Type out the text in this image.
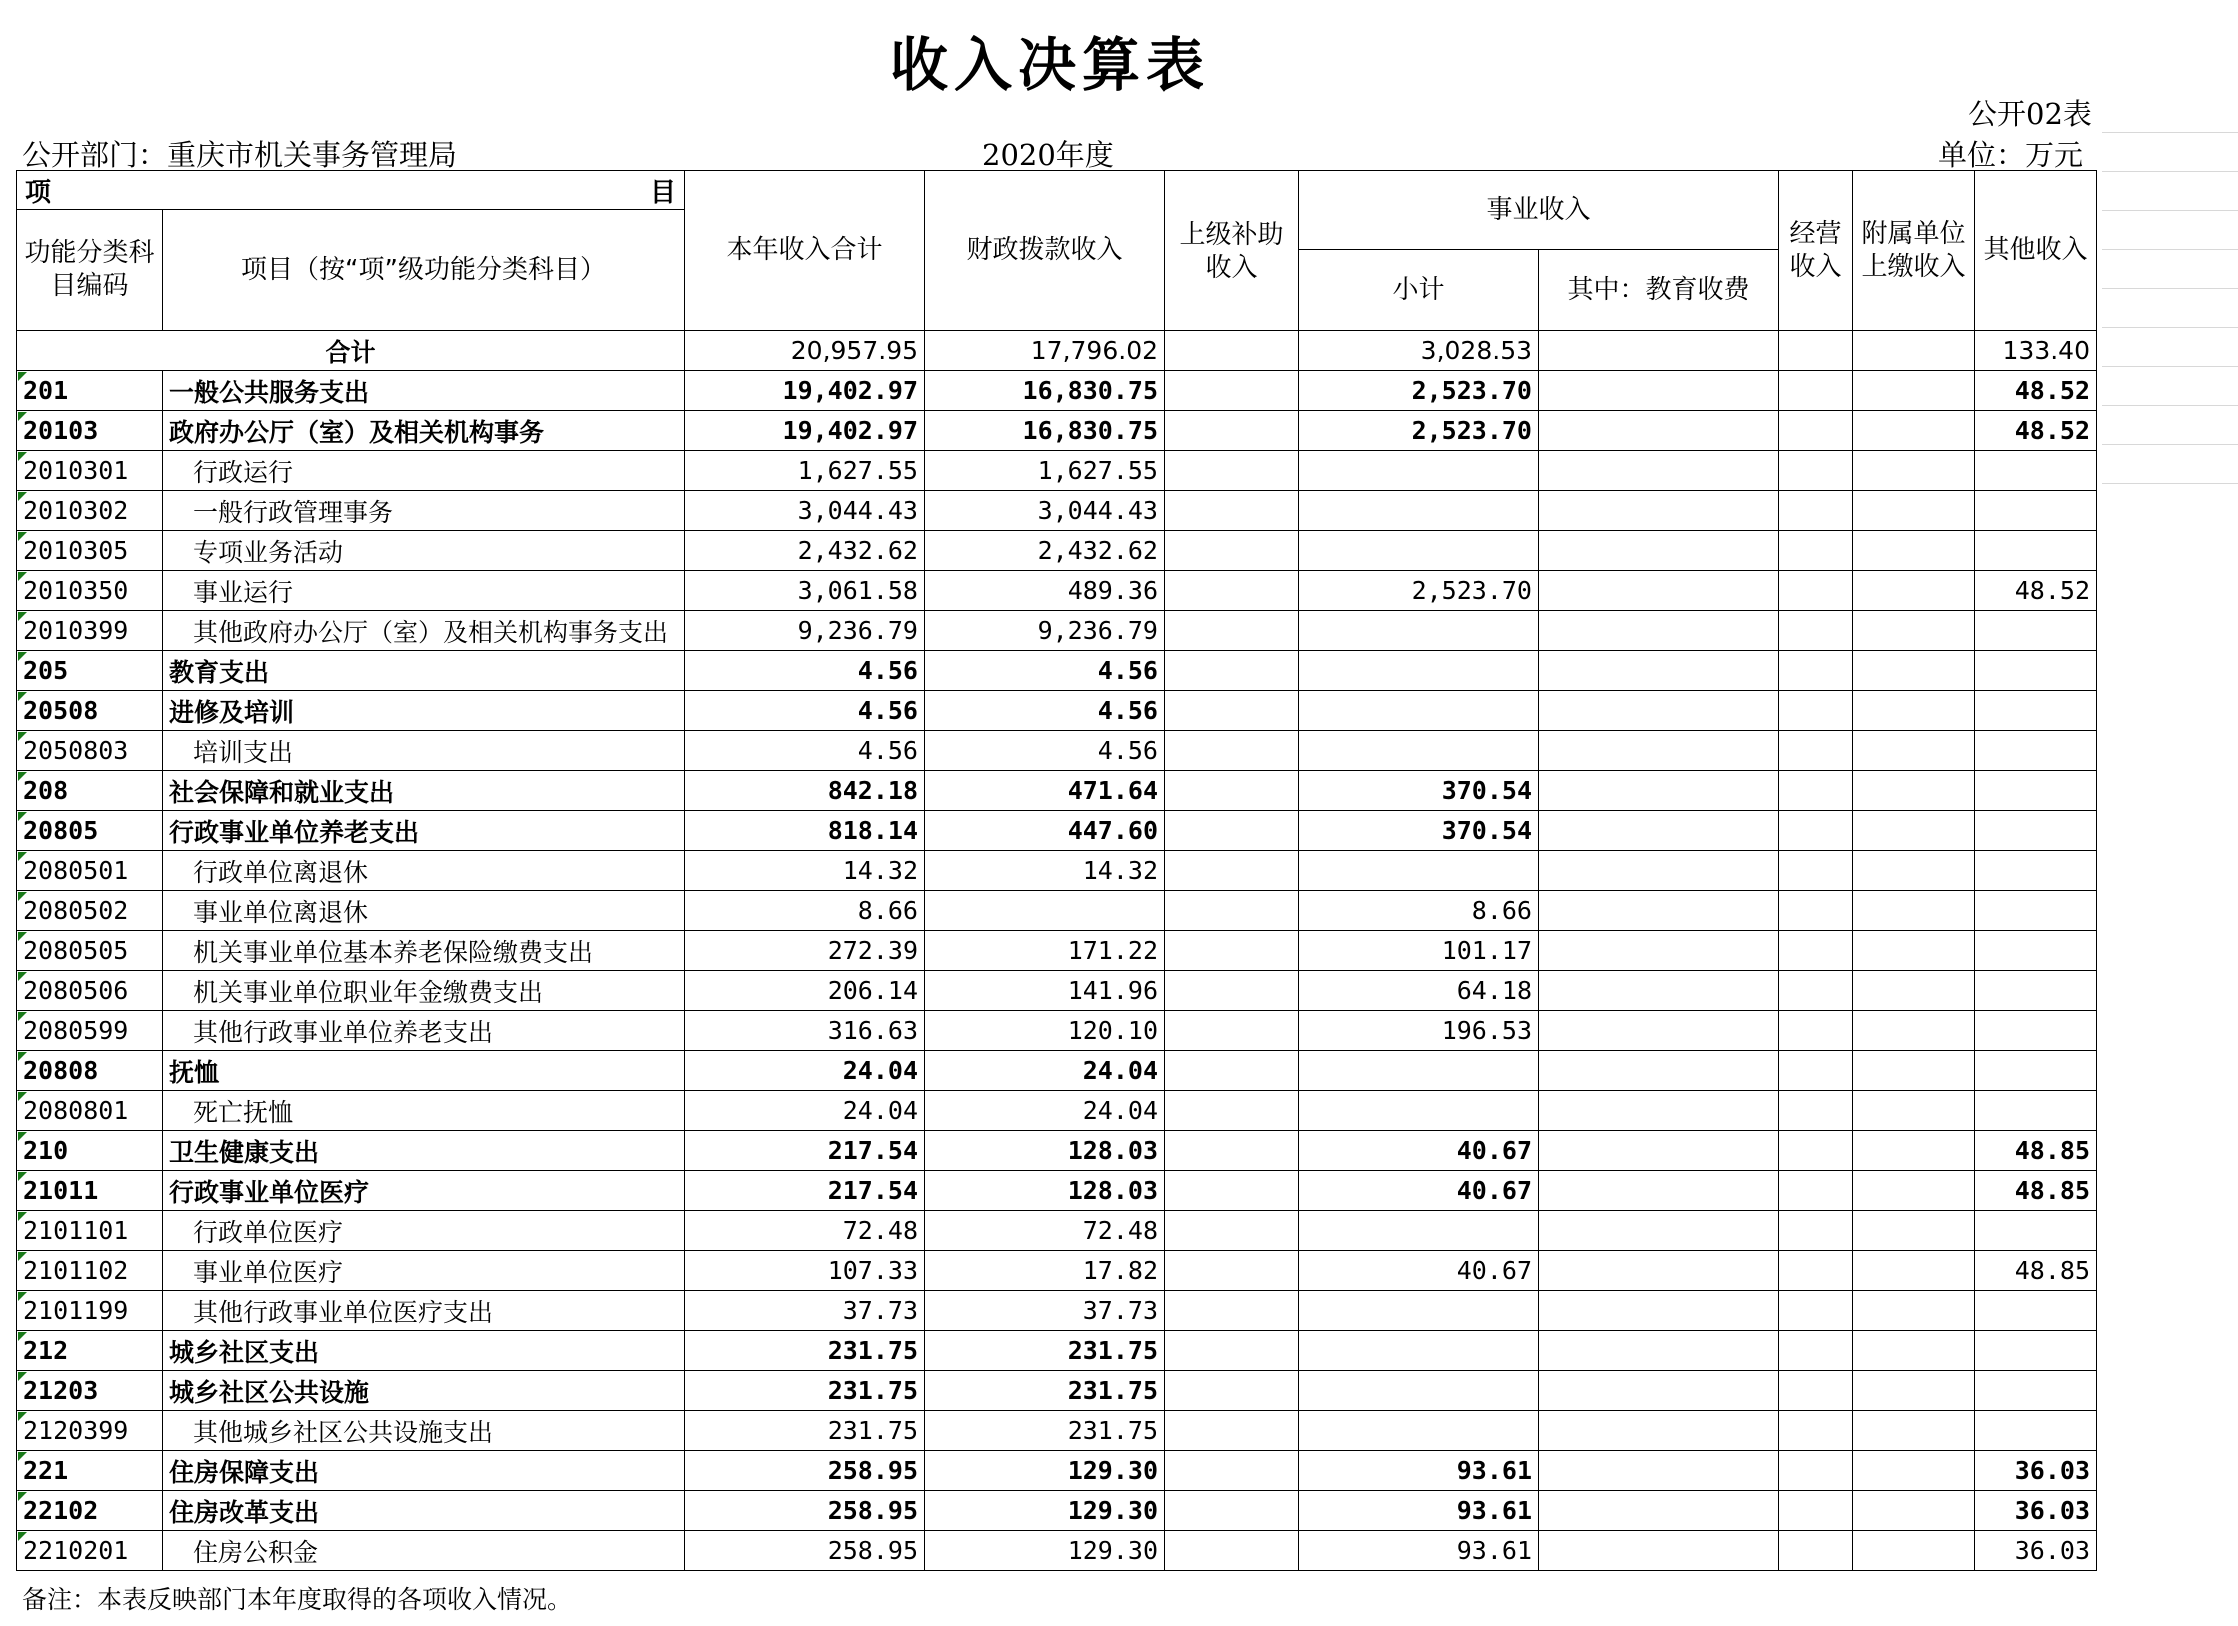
收入决算表
公开02表
公开部门：重庆市机关事务管理局	2020年度	单位：万元
项 目		本年收入合计	财政拨款收入	上级补助收入	事业收入		经营收入	附属单位上缴收入	其他收入
功能分类科目编码	项目（按“项”级功能分类科目）								
					小计	其中：教育收费			
合计		20,957.95	17,796.02		3,028.53				133.40
201	一般公共服务支出	19,402.97	16,830.75		2,523.70				48.52
20103	政府办公厅（室）及相关机构事务	19,402.97	16,830.75		2,523.70				48.52
2010301	行政运行	1,627.55	1,627.55						
2010302	一般行政管理事务	3,044.43	3,044.43						
2010305	专项业务活动	2,432.62	2,432.62						
2010350	事业运行	3,061.58	489.36		2,523.70				48.52
2010399	其他政府办公厅（室）及相关机构事务支出	9,236.79	9,236.79						
205	教育支出	4.56	4.56						
20508	进修及培训	4.56	4.56						
2050803	培训支出	4.56	4.56						
208	社会保障和就业支出	842.18	471.64		370.54				
20805	行政事业单位养老支出	818.14	447.60		370.54				
2080501	行政单位离退休	14.32	14.32						
2080502	事业单位离退休	8.66			8.66				
2080505	机关事业单位基本养老保险缴费支出	272.39	171.22		101.17				
2080506	机关事业单位职业年金缴费支出	206.14	141.96		64.18				
2080599	其他行政事业单位养老支出	316.63	120.10		196.53				
20808	抚恤	24.04	24.04						
2080801	死亡抚恤	24.04	24.04						
210	卫生健康支出	217.54	128.03		40.67				48.85
21011	行政事业单位医疗	217.54	128.03		40.67				48.85
2101101	行政单位医疗	72.48	72.48						
2101102	事业单位医疗	107.33	17.82		40.67				48.85
2101199	其他行政事业单位医疗支出	37.73	37.73						
212	城乡社区支出	231.75	231.75						
21203	城乡社区公共设施	231.75	231.75						
2120399	其他城乡社区公共设施支出	231.75	231.75						
221	住房保障支出	258.95	129.30		93.61				36.03
22102	住房改革支出	258.95	129.30		93.61				36.03
2210201	住房公积金	258.95	129.30		93.61				36.03
备注：本表反映部门本年度取得的各项收入情况。
